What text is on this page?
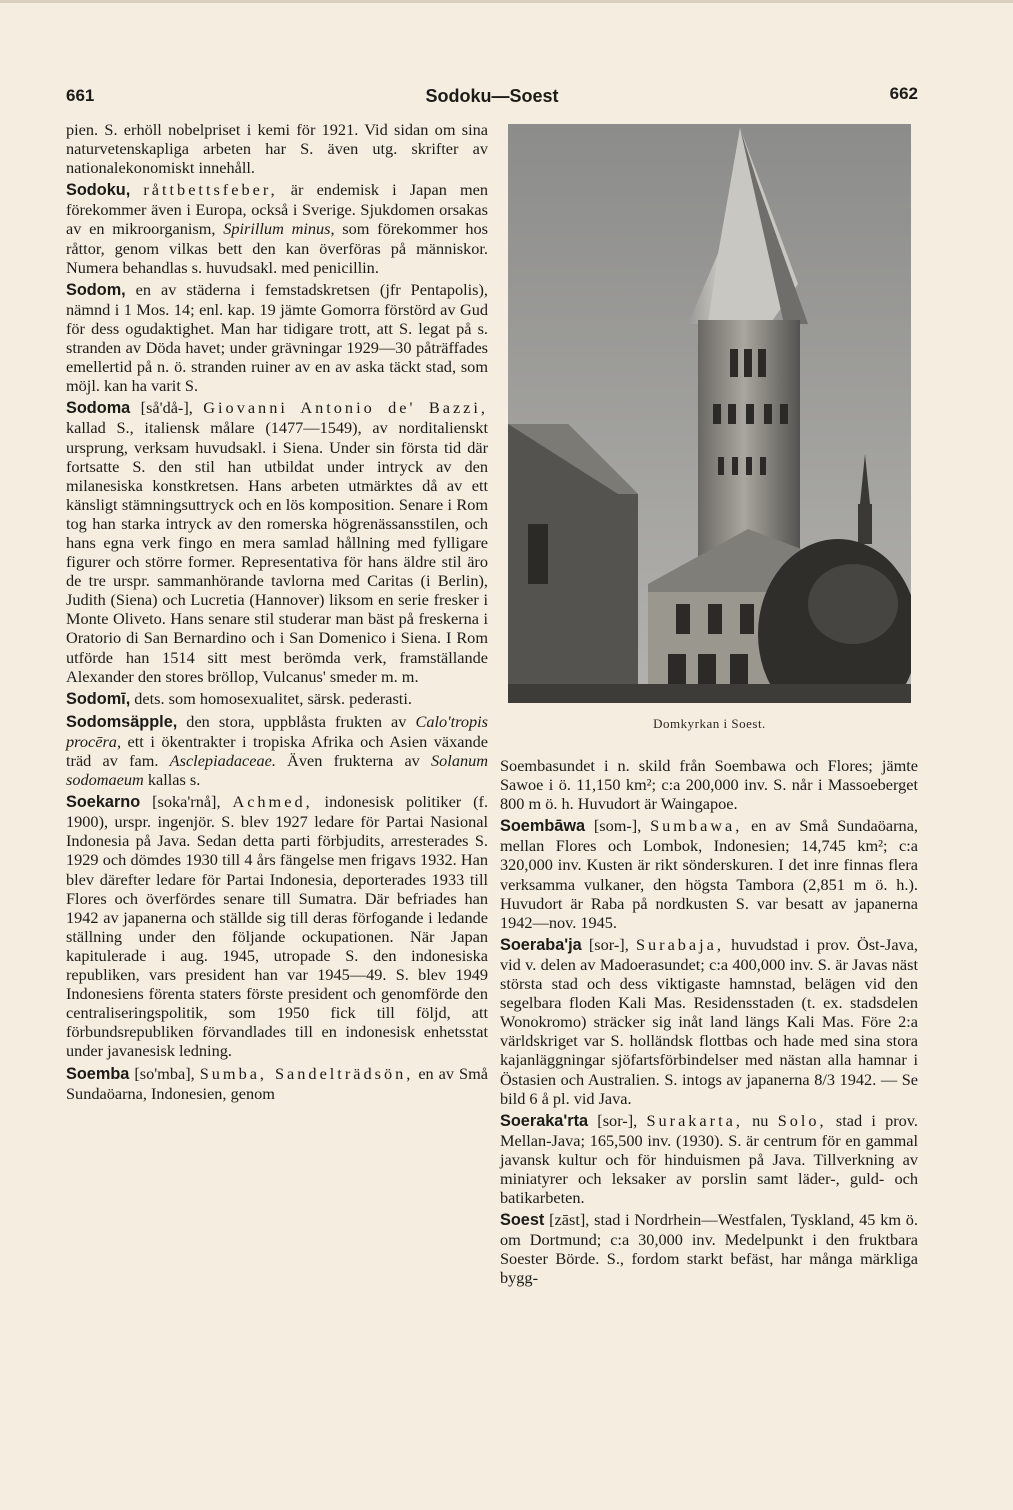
661	Sodoku—Soest	662

pien. S. erhöll nobelpriset i kemi för 1921. Vid sidan om sina naturvetenskapliga arbeten har S. även utg. skrifter av nationalekonomiskt innehåll.

Sodoku, råttbettsfeber, är endemisk i Japan men förekommer även i Europa, också i Sverige. Sjukdomen orsakas av en mikroorganism, Spirillum minus, som förekommer hos råttor, genom vilkas bett den kan överföras på människor. Numera behandlas s. huvudsakl. med penicillin.

Sodom, en av städerna i femstadskretsen (jfr Pentapolis), nämnd i 1 Mos. 14; enl. kap. 19 jämte Gomorra förstörd av Gud för dess ogudaktighet. Man har tidigare trott, att S. legat på s. stranden av Döda havet; under grävningar 1929—30 påträffades emellertid på n. ö. stranden ruiner av en av aska täckt stad, som möjl. kan ha varit S.

Sodoma [så'då-], Giovanni Antonio de' Bazzi, kallad S., italiensk målare (1477—1549), av norditalienskt ursprung, verksam huvudsakl. i Siena. Under sin första tid där fortsatte S. den stil han utbildat under intryck av den milanesiska konstkretsen. Hans arbeten utmärktes då av ett känsligt stämningsuttryck och en lös komposition. Senare i Rom tog han starka intryck av den romerska högrenässansstilen, och hans egna verk fingo en mera samlad hållning med fylligare figurer och större former. Representativa för hans äldre stil äro de tre urspr. sammanhörande tavlorna med Caritas (i Berlin), Judith (Siena) och Lucretia (Hannover) liksom en serie fresker i Monte Oliveto. Hans senare stil studerar man bäst på freskerna i Oratorio di San Bernardino och i San Domenico i Siena. I Rom utförde han 1514 sitt mest berömda verk, framställande Alexander den stores bröllop, Vulcanus' smeder m. m.

Sodomī, dets. som homosexualitet, särsk. pederasti.

Sodomsäpple, den stora, uppblåsta frukten av Calo'tropis procēra, ett i ökentrakter i tropiska Afrika och Asien växande träd av fam. Asclepiadaceae. Även frukterna av Solanum sodomaeum kallas s.

Soekarno [soka'rnå], Achmed, indonesisk politiker (f. 1900), urspr. ingenjör. S. blev 1927 ledare för Partai Nasional Indonesia på Java. Sedan detta parti förbjudits, arresterades S. 1929 och dömdes 1930 till 4 års fängelse men frigavs 1932. Han blev därefter ledare för Partai Indonesia, deporterades 1933 till Flores och överfördes senare till Sumatra. Där befriades han 1942 av japanerna och ställde sig till deras förfogande i ledande ställning under den följande ockupationen. När Japan kapitulerade i aug. 1945, utropade S. den indonesiska republiken, vars president han var 1945—49. S. blev 1949 Indonesiens förenta staters förste president och genomförde den centraliseringspolitik, som 1950 fick till följd, att förbundsrepubliken förvandlades till en indonesisk enhetsstat under javanesisk ledning.

Soemba [so'mba], Sumba, Sandelträdsön, en av Små Sundaöarna, Indonesien, genom

Domkyrkan i Soest.

Soembasundet i n. skild från Soembawa och Flores; jämte Sawoe i ö. 11,150 km²; c:a 200,000 inv. S. når i Massoeberget 800 m ö. h. Huvudort är Waingapoe.

Soembāwa [som-], Sumbawa, en av Små Sundaöarna, mellan Flores och Lombok, Indonesien; 14,745 km²; c:a 320,000 inv. Kusten är rikt sönderskuren. I det inre finnas flera verksamma vulkaner, den högsta Tambora (2,851 m ö. h.). Huvudort är Raba på nordkusten S. var besatt av japanerna 1942—nov. 1945.

Soeraba'ja [sor-], Surabaja, huvudstad i prov. Öst-Java, vid v. delen av Madoerasundet; c:a 400,000 inv. S. är Javas näst största stad och dess viktigaste hamnstad, belägen vid den segelbara floden Kali Mas. Residensstaden (t. ex. stadsdelen Wonokromo) sträcker sig inåt land längs Kali Mas. Före 2:a världskriget var S. holländsk flottbas och hade med sina stora kajanläggningar sjöfartsförbindelser med nästan alla hamnar i Östasien och Australien. S. intogs av japanerna 8/3 1942. — Se bild 6 å pl. vid Java.

Soeraka'rta [sor-], Surakarta, nu Solo, stad i prov. Mellan-Java; 165,500 inv. (1930). S. är centrum för en gammal javansk kultur och för hinduismen på Java. Tillverkning av miniatyrer och leksaker av porslin samt läder-, guld- och batikarbeten.

Soest [zāst], stad i Nordrhein—Westfalen, Tyskland, 45 km ö. om Dortmund; c:a 30,000 inv. Medelpunkt i den fruktbara Soester Börde. S., fordom starkt befäst, har många märkliga bygg-
